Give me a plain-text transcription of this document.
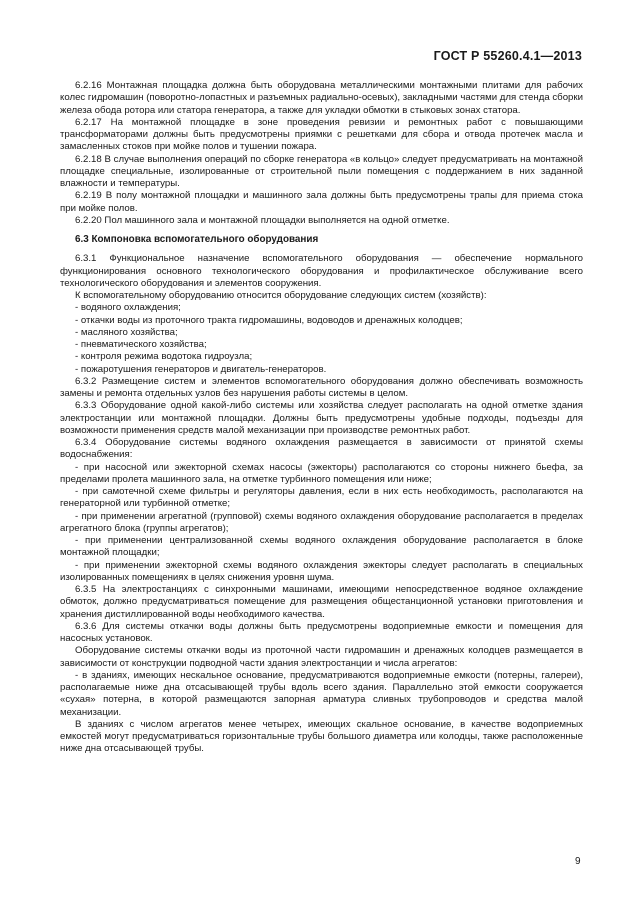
ГОСТ Р 55260.4.1—2013

6.2.16 Монтажная площадка должна быть оборудована металлическими монтажными плитами для рабочих колес гидромашин (поворотно-лопастных и разъемных радиально-осевых), закладными частями для стенда сборки железа обода ротора или статора генератора, а также для укладки обмотки в стыковых зонах статора.

6.2.17 На монтажной площадке в зоне проведения ревизии и ремонтных работ с повышающими трансформаторами должны быть предусмотрены приямки с решетками для сбора и отвода протечек масла и замасленных стоков при мойке полов и тушении пожара.

6.2.18 В случае выполнения операций по сборке генератора «в кольцо» следует предусматривать на монтажной площадке специальные, изолированные от строительной пыли помещения с поддержанием в них заданной влажности и температуры.

6.2.19 В полу монтажной площадки и машинного зала должны быть предусмотрены трапы для приема стока при мойке полов.

6.2.20 Пол машинного зала и монтажной площадки выполняется на одной отметке.

6.3 Компоновка вспомогательного оборудования

6.3.1 Функциональное назначение вспомогательного оборудования — обеспечение нормального функционирования основного технологического оборудования и профилактическое обслуживание всего технологического оборудования и элементов сооружения.

К вспомогательному оборудованию относится оборудование следующих систем (хозяйств):

- водяного охлаждения;

- откачки воды из проточного тракта гидромашины, водоводов и дренажных колодцев;

- масляного хозяйства;

- пневматического хозяйства;

- контроля режима водотока гидроузла;

- пожаротушения генераторов и двигатель-генераторов.

6.3.2 Размещение систем и элементов вспомогательного оборудования должно обеспечивать возможность замены и ремонта отдельных узлов без нарушения работы системы в целом.

6.3.3 Оборудование одной какой-либо системы или хозяйства следует располагать на одной отметке здания электростанции или монтажной площадки. Должны быть предусмотрены удобные подходы, подъезды для возможности применения средств малой механизации при производстве ремонтных работ.

6.3.4 Оборудование системы водяного охлаждения размещается в зависимости от принятой схемы водоснабжения:

- при насосной или эжекторной схемах насосы (эжекторы) располагаются со стороны нижнего бьефа, за пределами пролета машинного зала, на отметке турбинного помещения или ниже;

- при самотечной схеме фильтры и регуляторы давления, если в них есть необходимость, располагаются на генераторной или турбинной отметке;

- при применении агрегатной (групповой) схемы водяного охлаждения оборудование располагается в пределах агрегатного блока (группы агрегатов);

- при применении централизованной схемы водяного охлаждения оборудование располагается в блоке монтажной площадки;

- при применении эжекторной схемы водяного охлаждения эжекторы следует располагать в специальных изолированных помещениях в целях снижения уровня шума.

6.3.5 На электростанциях с синхронными машинами, имеющими непосредственное водяное охлаждение обмоток, должно предусматриваться помещение для размещения общестанционной установки приготовления и хранения дистиллированной воды необходимого качества.

6.3.6 Для системы откачки воды должны быть предусмотрены водоприемные емкости и помещения для насосных установок.

Оборудование системы откачки воды из проточной части гидромашин и дренажных колодцев размещается в зависимости от конструкции подводной части здания электростанции и числа агрегатов:

- в зданиях, имеющих нескальное основание, предусматриваются водоприемные емкости (потерны, галереи), располагаемые ниже дна отсасывающей трубы вдоль всего здания. Параллельно этой емкости сооружается «сухая» потерна, в которой размещаются запорная арматура сливных трубопроводов и средства малой механизации.

В зданиях с числом агрегатов менее четырех, имеющих скальное основание, в качестве водоприемных емкостей могут предусматриваться горизонтальные трубы большого диаметра или колодцы, также расположенные ниже дна отсасывающей трубы.

9
